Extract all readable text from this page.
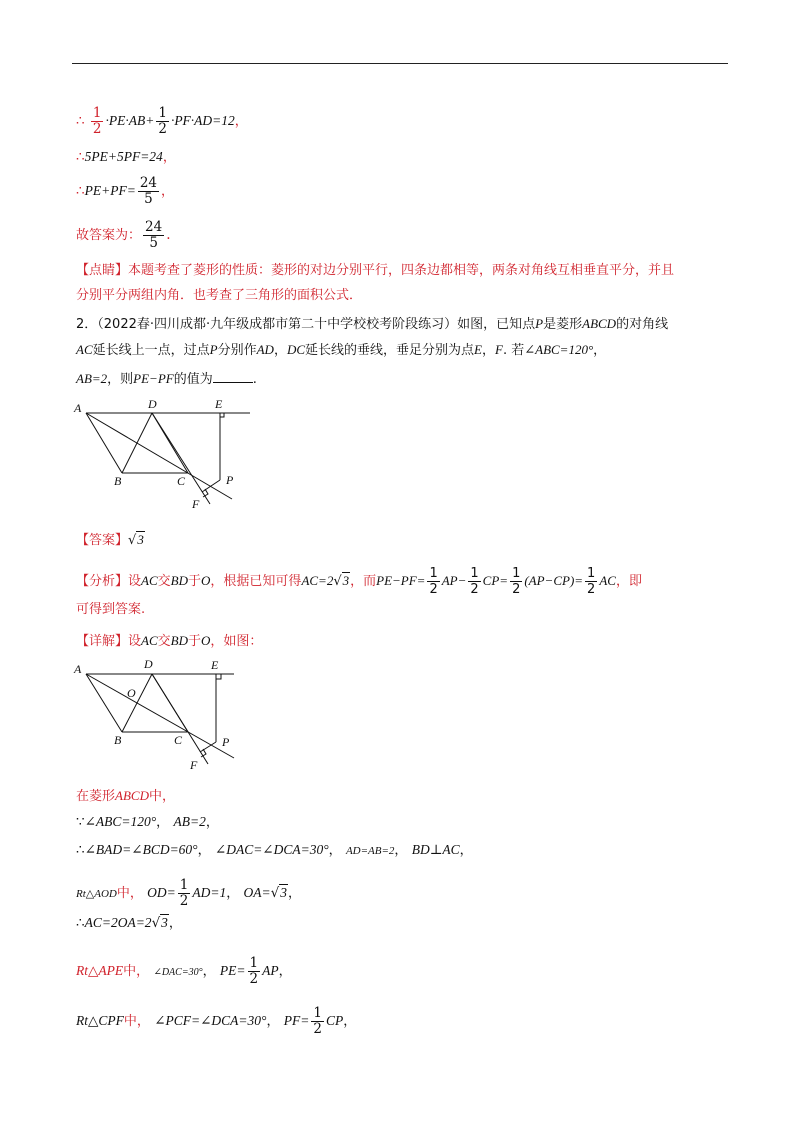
∴ $\frac{1}{2} \cdot PE\cdot AB+ \frac{1}{2} \cdot PF\cdot AD=12$，
∴5PE+5PF=24，
∴PE+PF= $\frac{24}{5}$ ，
故答案为： $\frac{24}{5}$ .
【点睛】本题考查了菱形的性质：菱形的对边分别平行，四条边都相等，两条对角线互相垂直平分，并且
分别平分两组内角．也考查了三角形的面积公式．
2．（2022春·四川成都·九年级成都市第二十中学校校考阶段练习）如图，已知点P是菱形ABCD的对角线
AC延长线上一点，过点P分别作AD，DC延长线的垂线，垂足分别为点E，F. 若∠ABC=120°，
AB=2，则PE−PF的值为	.
A	D	E
B	C	P
F
【答案】√3
【分析】设AC交BD于O，根据已知可得AC=2√3，而$PE-PF= \frac{1}{2} AP- \frac{1}{2} CP= \frac{1}{2} (AP-CP)= \frac{1}{2}$ AC，即
可得到答案.
【详解】设AC交BD于O，如图：
A	D	E
O
B	C	P
F
在菱形ABCD中，
∵∠ABC=120°， AB=2，
∴∠BAD=∠BCD=60°， ∠DAC=∠DCA=30°， AD=AB=2， BD⊥AC，
Rt△AOD中， $OD= \frac{1}{2} AD=1$， OA=√3，
∴AC=2OA=2√3，
Rt△APE中， ∠DAC=30°， $PE= \frac{1}{2}$ AP，
Rt△CPF中， ∠PCF=∠DCA=30°， $PF= \frac{1}{2}$ CP，
